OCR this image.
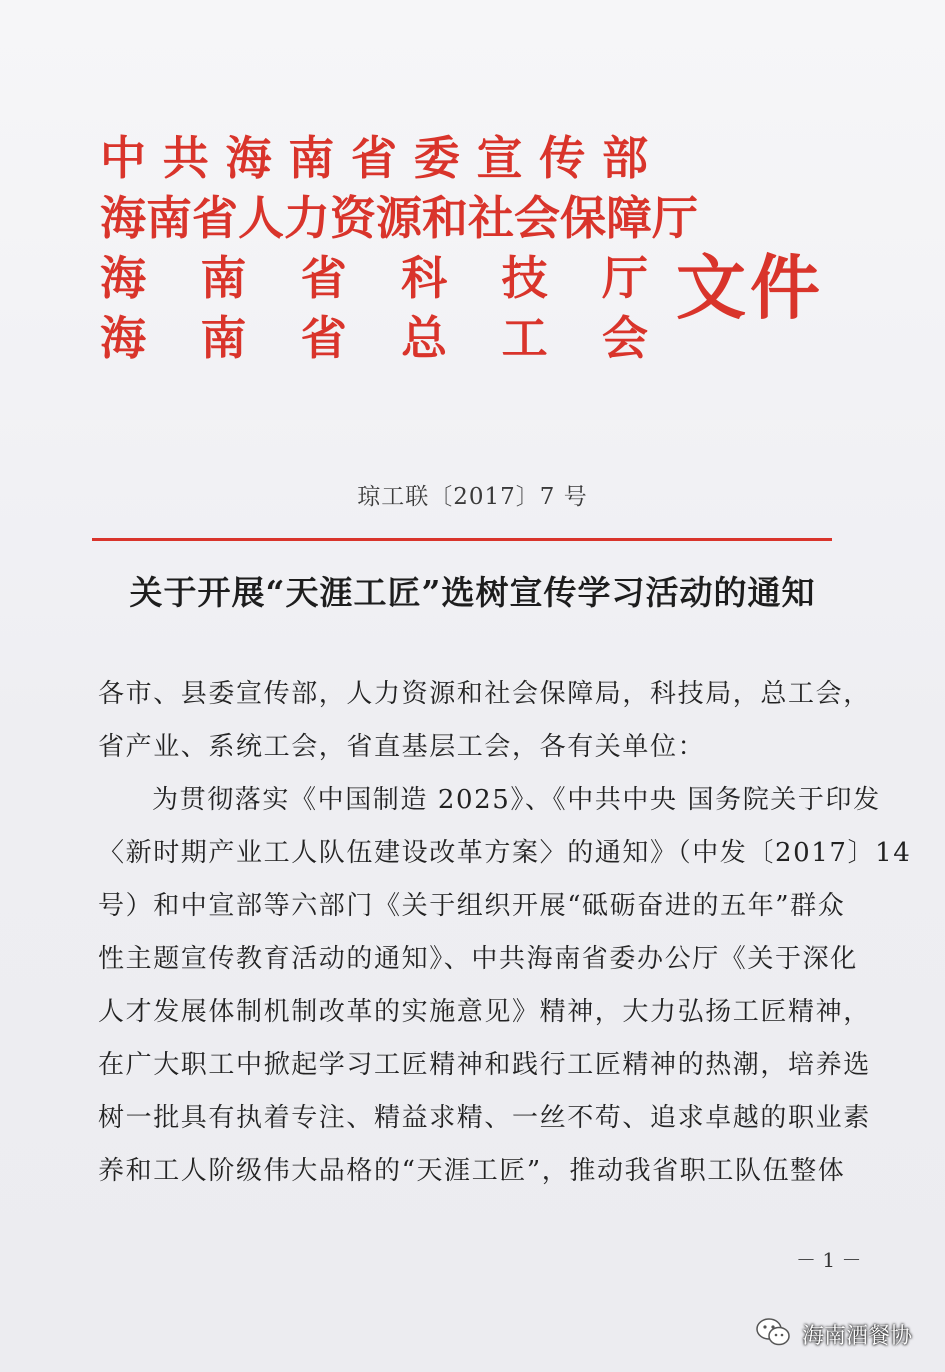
中 共 海 南 省 委 宣 传 部
海 南 省 人 力 资 源 和 社 会 保 障 厅
海 南 省 科 技 厅
海 南 省 总 工 会
文件
琼工联〔2017〕7 号
关于开展“天涯工匠”选树宣传学习活动的通知
各市、县委宣传部，人力资源和社会保障局，科技局，总工会，
省产业、系统工会，省直基层工会，各有关单位：
为贯彻落实《中国制造 2025》、《中共中央 国务院关于印发
〈新时期产业工人队伍建设改革方案〉的通知》（中发〔2017〕14
号）和中宣部等六部门《关于组织开展“砥砺奋进的五年”群众
性主题宣传教育活动的通知》、中共海南省委办公厅《关于深化
人才发展体制机制改革的实施意见》精神，大力弘扬工匠精神，
在广大职工中掀起学习工匠精神和践行工匠精神的热潮，培养选
树一批具有执着专注、精益求精、一丝不苟、追求卓越的职业素
养和工人阶级伟大品格的“天涯工匠”，推动我省职工队伍整体
－ 1 －
海南酒餐协
